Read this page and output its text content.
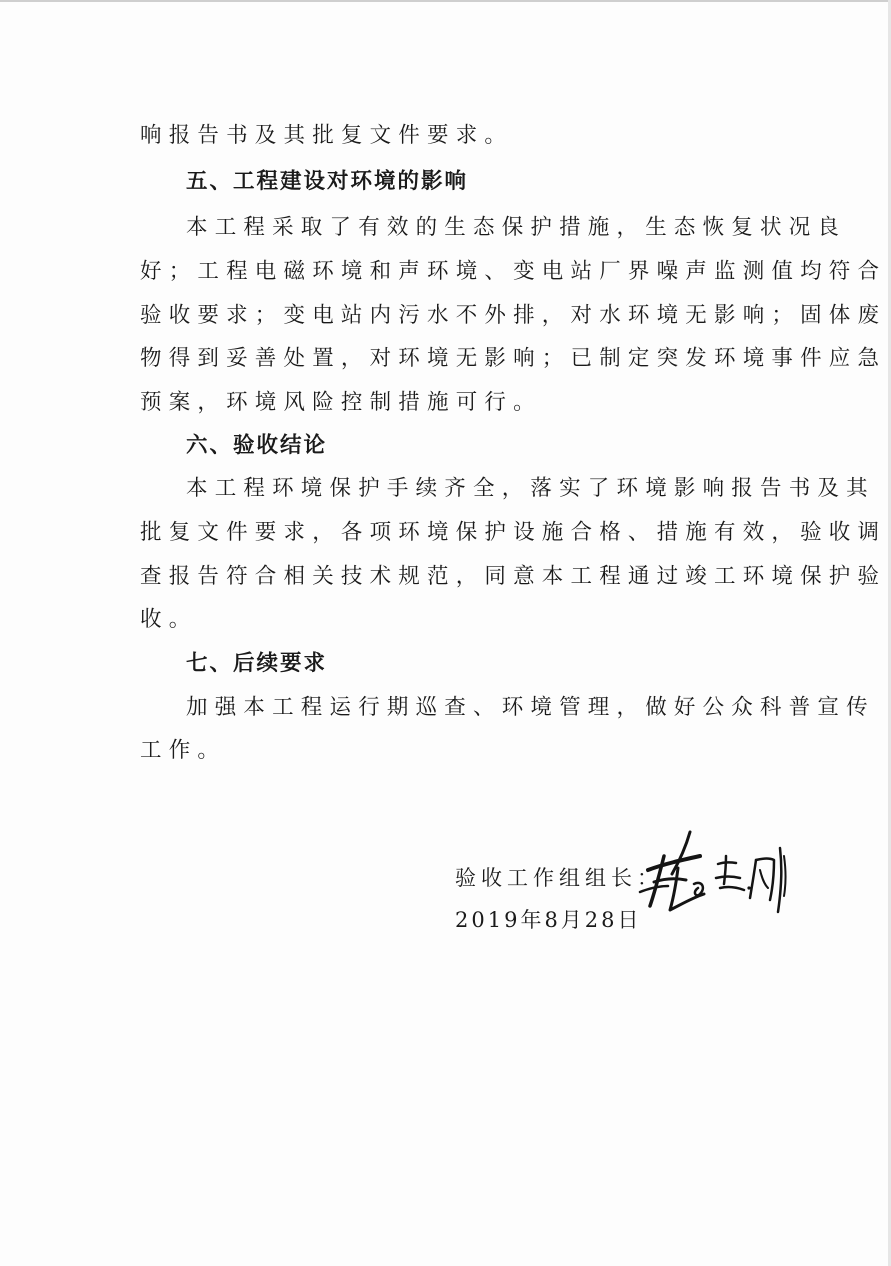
响报告书及其批复文件要求。
五、工程建设对环境的影响
本工程采取了有效的生态保护措施，生态恢复状况良
好；工程电磁环境和声环境、变电站厂界噪声监测值均符合
验收要求；变电站内污水不外排，对水环境无影响；固体废
物得到妥善处置，对环境无影响；已制定突发环境事件应急
预案，环境风险控制措施可行。
六、验收结论
本工程环境保护手续齐全，落实了环境影响报告书及其
批复文件要求，各项环境保护设施合格、措施有效，验收调
查报告符合相关技术规范，同意本工程通过竣工环境保护验
收。
七、后续要求
加强本工程运行期巡查、环境管理，做好公众科普宣传
工作。
验收工作组组长：
2019年8月28日
